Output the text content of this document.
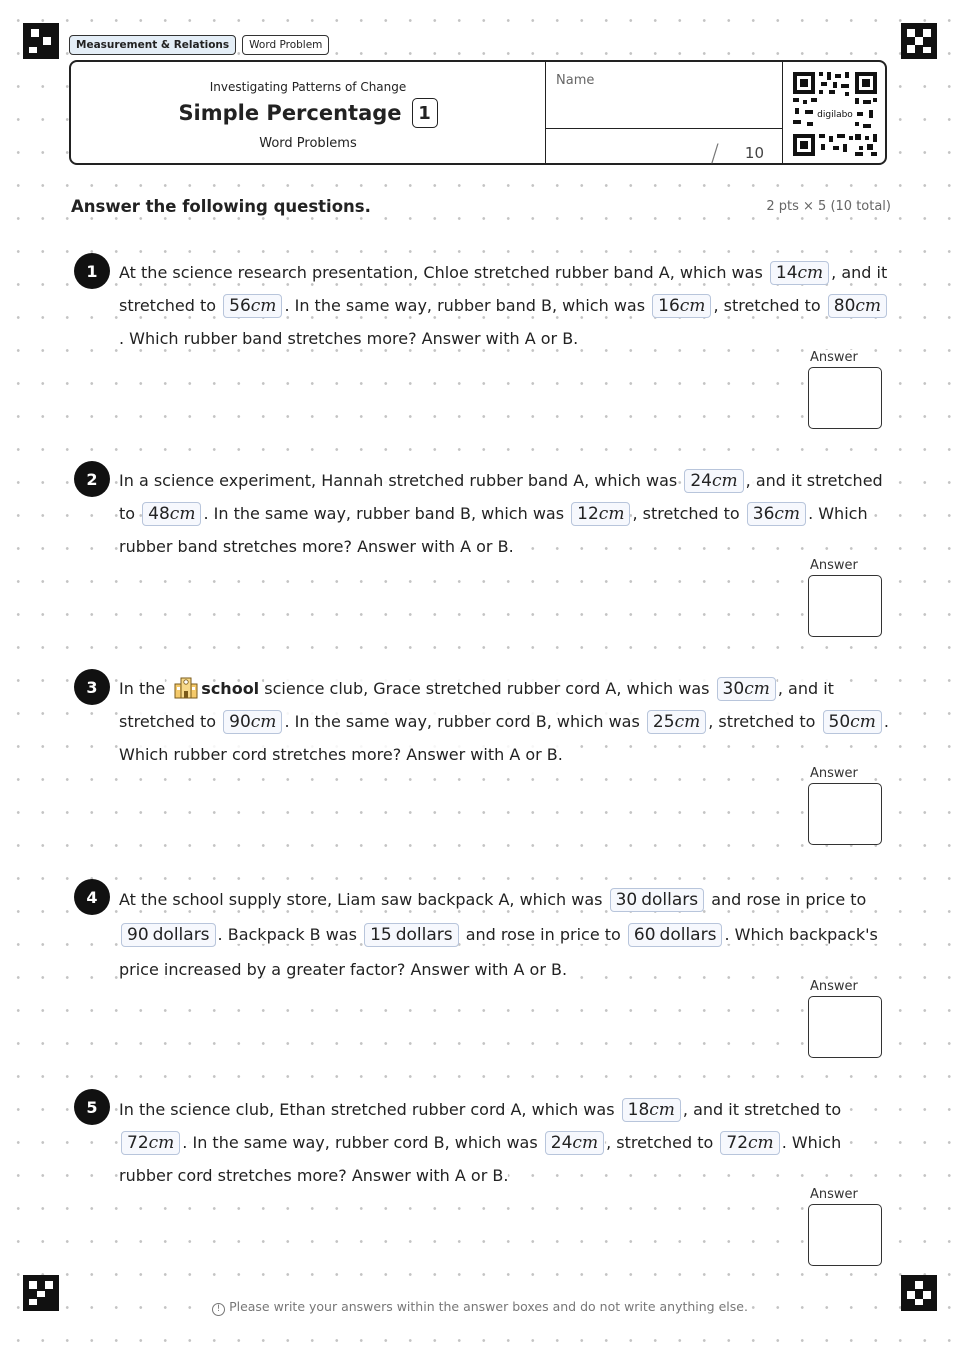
Measurement & Relations	Word Problem
Investigating Patterns of Change
Simple Percentage 1
Word Problems
Name
/ 10
digilabo
Answer the following questions.	2 pts × 5 (10 total)
1	At the science research presentation, Chloe stretched rubber band A, which was 14cm , and it stretched to 56cm . In the same way, rubber band B, which was 16cm , stretched to 80cm. Which rubber band stretches more? Answer with A or B.
Answer
2	In a science experiment, Hannah stretched rubber band A, which was 24cm , and it stretched to 48cm . In the same way, rubber band B, which was 12cm , stretched to 36cm . Which rubber band stretches more? Answer with A or B.
Answer
3	In the school science club, Grace stretched rubber cord A, which was 30cm , and it stretched to 90cm . In the same way, rubber cord B, which was 25cm , stretched to 50cm . Which rubber cord stretches more? Answer with A or B.
Answer
4	At the school supply store, Liam saw backpack A, which was 30 dollars and rose in price to 90 dollars . Backpack B was 15 dollars and rose in price to 60 dollars . Which backpack's price increased by a greater factor? Answer with A or B.
Answer
5	In the science club, Ethan stretched rubber cord A, which was 18cm , and it stretched to 72cm . In the same way, rubber cord B, which was 24cm , stretched to 72cm . Which rubber cord stretches more? Answer with A or B.
Answer
! Please write your answers within the answer boxes and do not write anything else.
